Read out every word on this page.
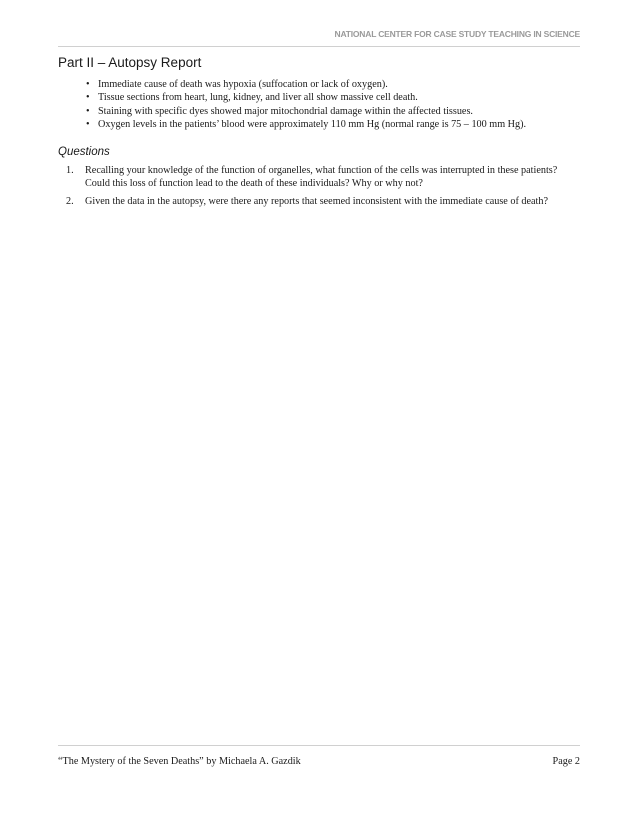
NATIONAL CENTER FOR CASE STUDY TEACHING IN SCIENCE
Part II – Autopsy Report
• Immediate cause of death was hypoxia (suffocation or lack of oxygen).
• Tissue sections from heart, lung, kidney, and liver all show massive cell death.
• Staining with specific dyes showed major mitochondrial damage within the affected tissues.
• Oxygen levels in the patients’ blood were approximately 110 mm Hg (normal range is 75 – 100 mm Hg).
Questions
1. Recalling your knowledge of the function of organelles, what function of the cells was interrupted in these patients? Could this loss of function lead to the death of these individuals? Why or why not?
2. Given the data in the autopsy, were there any reports that seemed inconsistent with the immediate cause of death?
“The Mystery of the Seven Deaths” by Michaela A. Gazdik	Page 2
